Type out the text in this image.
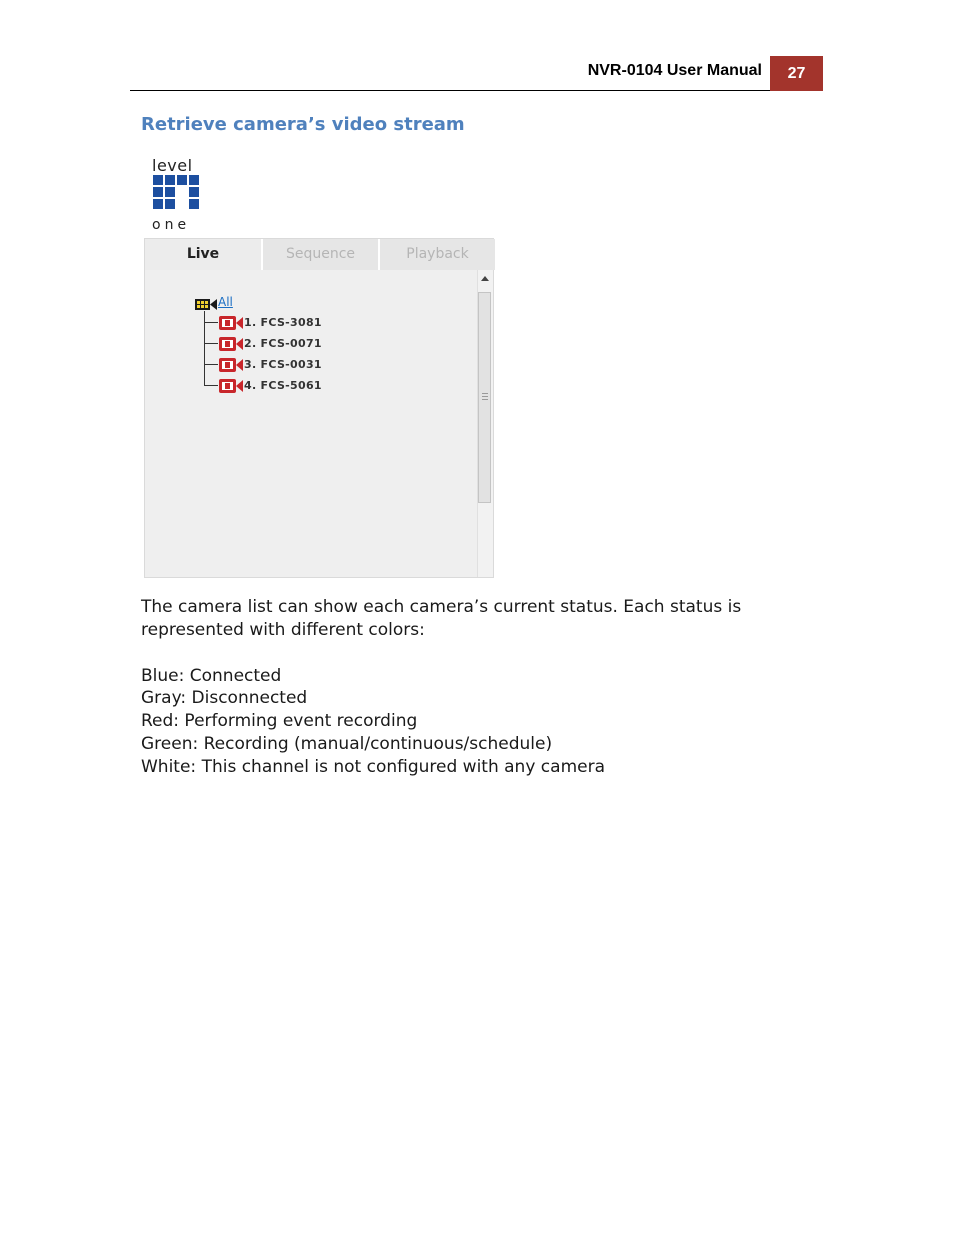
NVR-0104 User Manual	27
Retrieve camera’s video stream
level
one
Live	Sequence	Playback
All
1. FCS-3081
2. FCS-0071
3. FCS-0031
4. FCS-5061
The camera list can show each camera’s current status. Each status is
represented with different colors:
Blue: Connected
Gray: Disconnected
Red: Performing event recording
Green: Recording (manual/continuous/schedule)
White: This channel is not configured with any camera
